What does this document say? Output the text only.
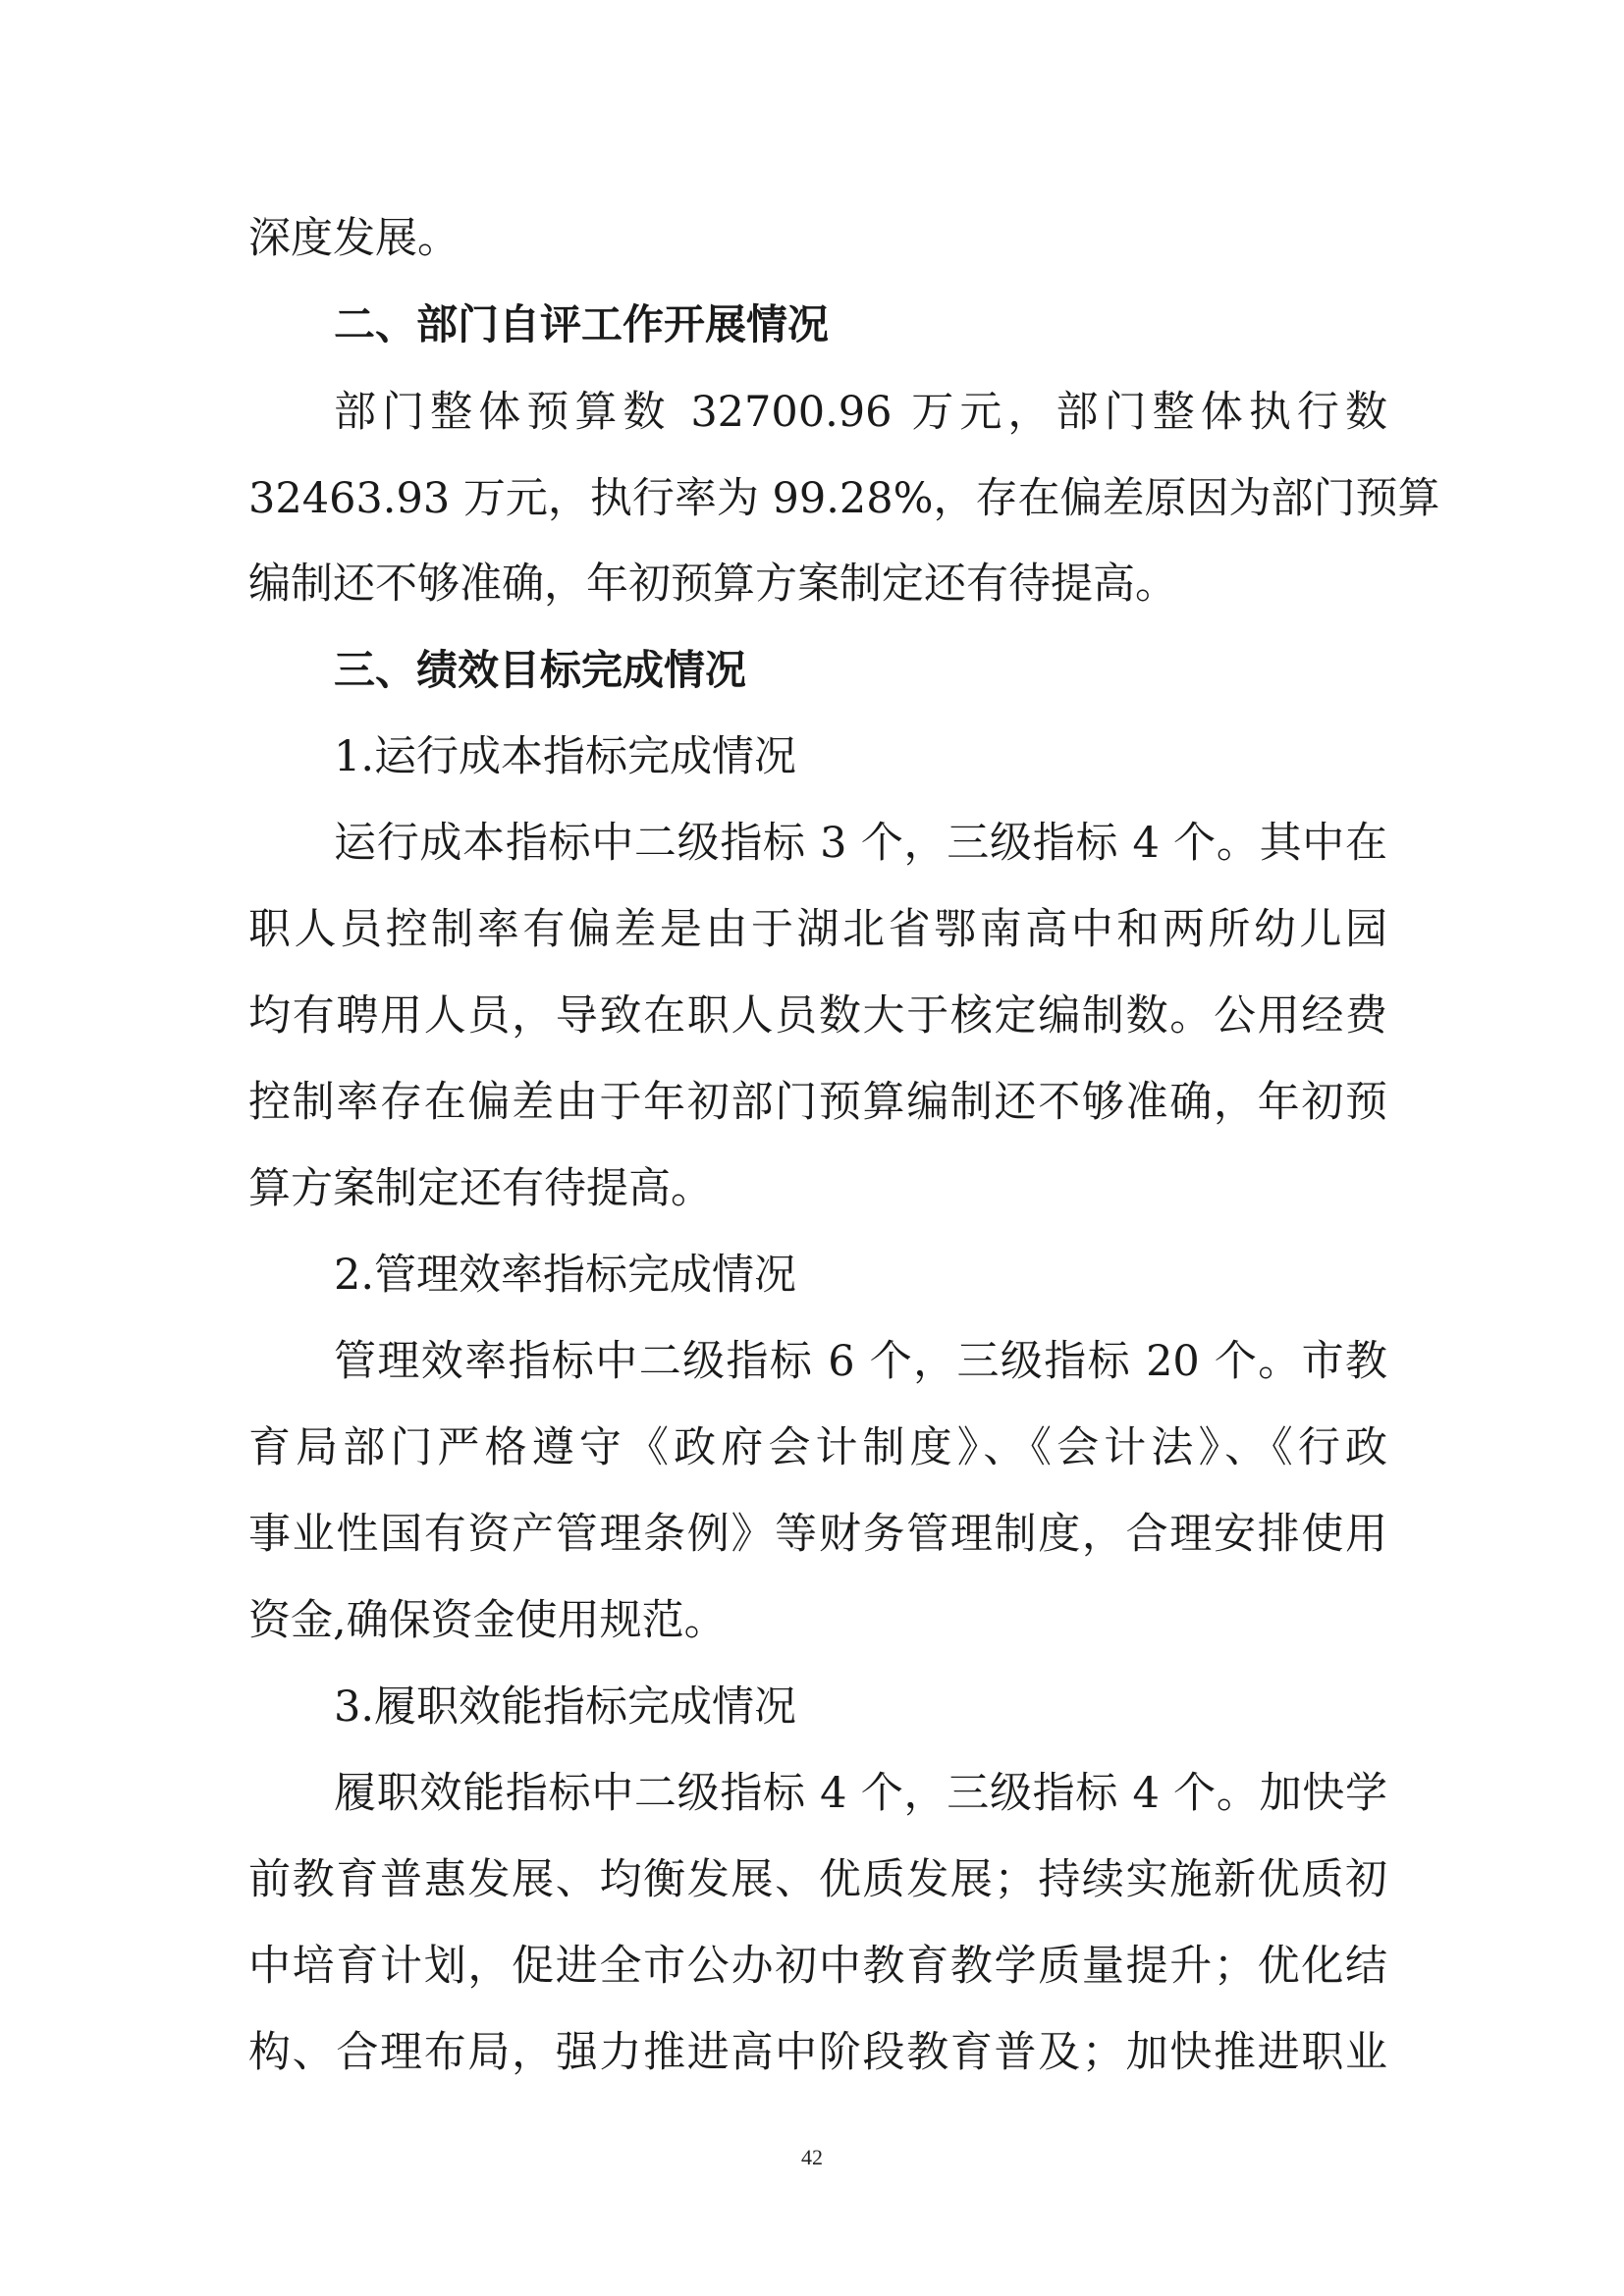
深度发展。
二、部门自评工作开展情况
部门整体预算数 32700.96 万元，部门整体执行数
32463.93 万元，执行率为 99.28%，存在偏差原因为部门预算
编制还不够准确，年初预算方案制定还有待提高。
三、绩效目标完成情况
1.运行成本指标完成情况
运行成本指标中二级指标 3 个，三级指标 4 个。其中在
职人员控制率有偏差是由于湖北省鄂南高中和两所幼儿园
均有聘用人员，导致在职人员数大于核定编制数。公用经费
控制率存在偏差由于年初部门预算编制还不够准确，年初预
算方案制定还有待提高。
2.管理效率指标完成情况
管理效率指标中二级指标 6 个，三级指标 20 个。市教
育局部门严格遵守《政府会计制度》、《会计法》、《行政
事业性国有资产管理条例》等财务管理制度，合理安排使用
资金,确保资金使用规范。
3.履职效能指标完成情况
履职效能指标中二级指标 4 个，三级指标 4 个。加快学
前教育普惠发展、均衡发展、优质发展；持续实施新优质初
中培育计划，促进全市公办初中教育教学质量提升；优化结
构、合理布局，强力推进高中阶段教育普及；加快推进职业
42
